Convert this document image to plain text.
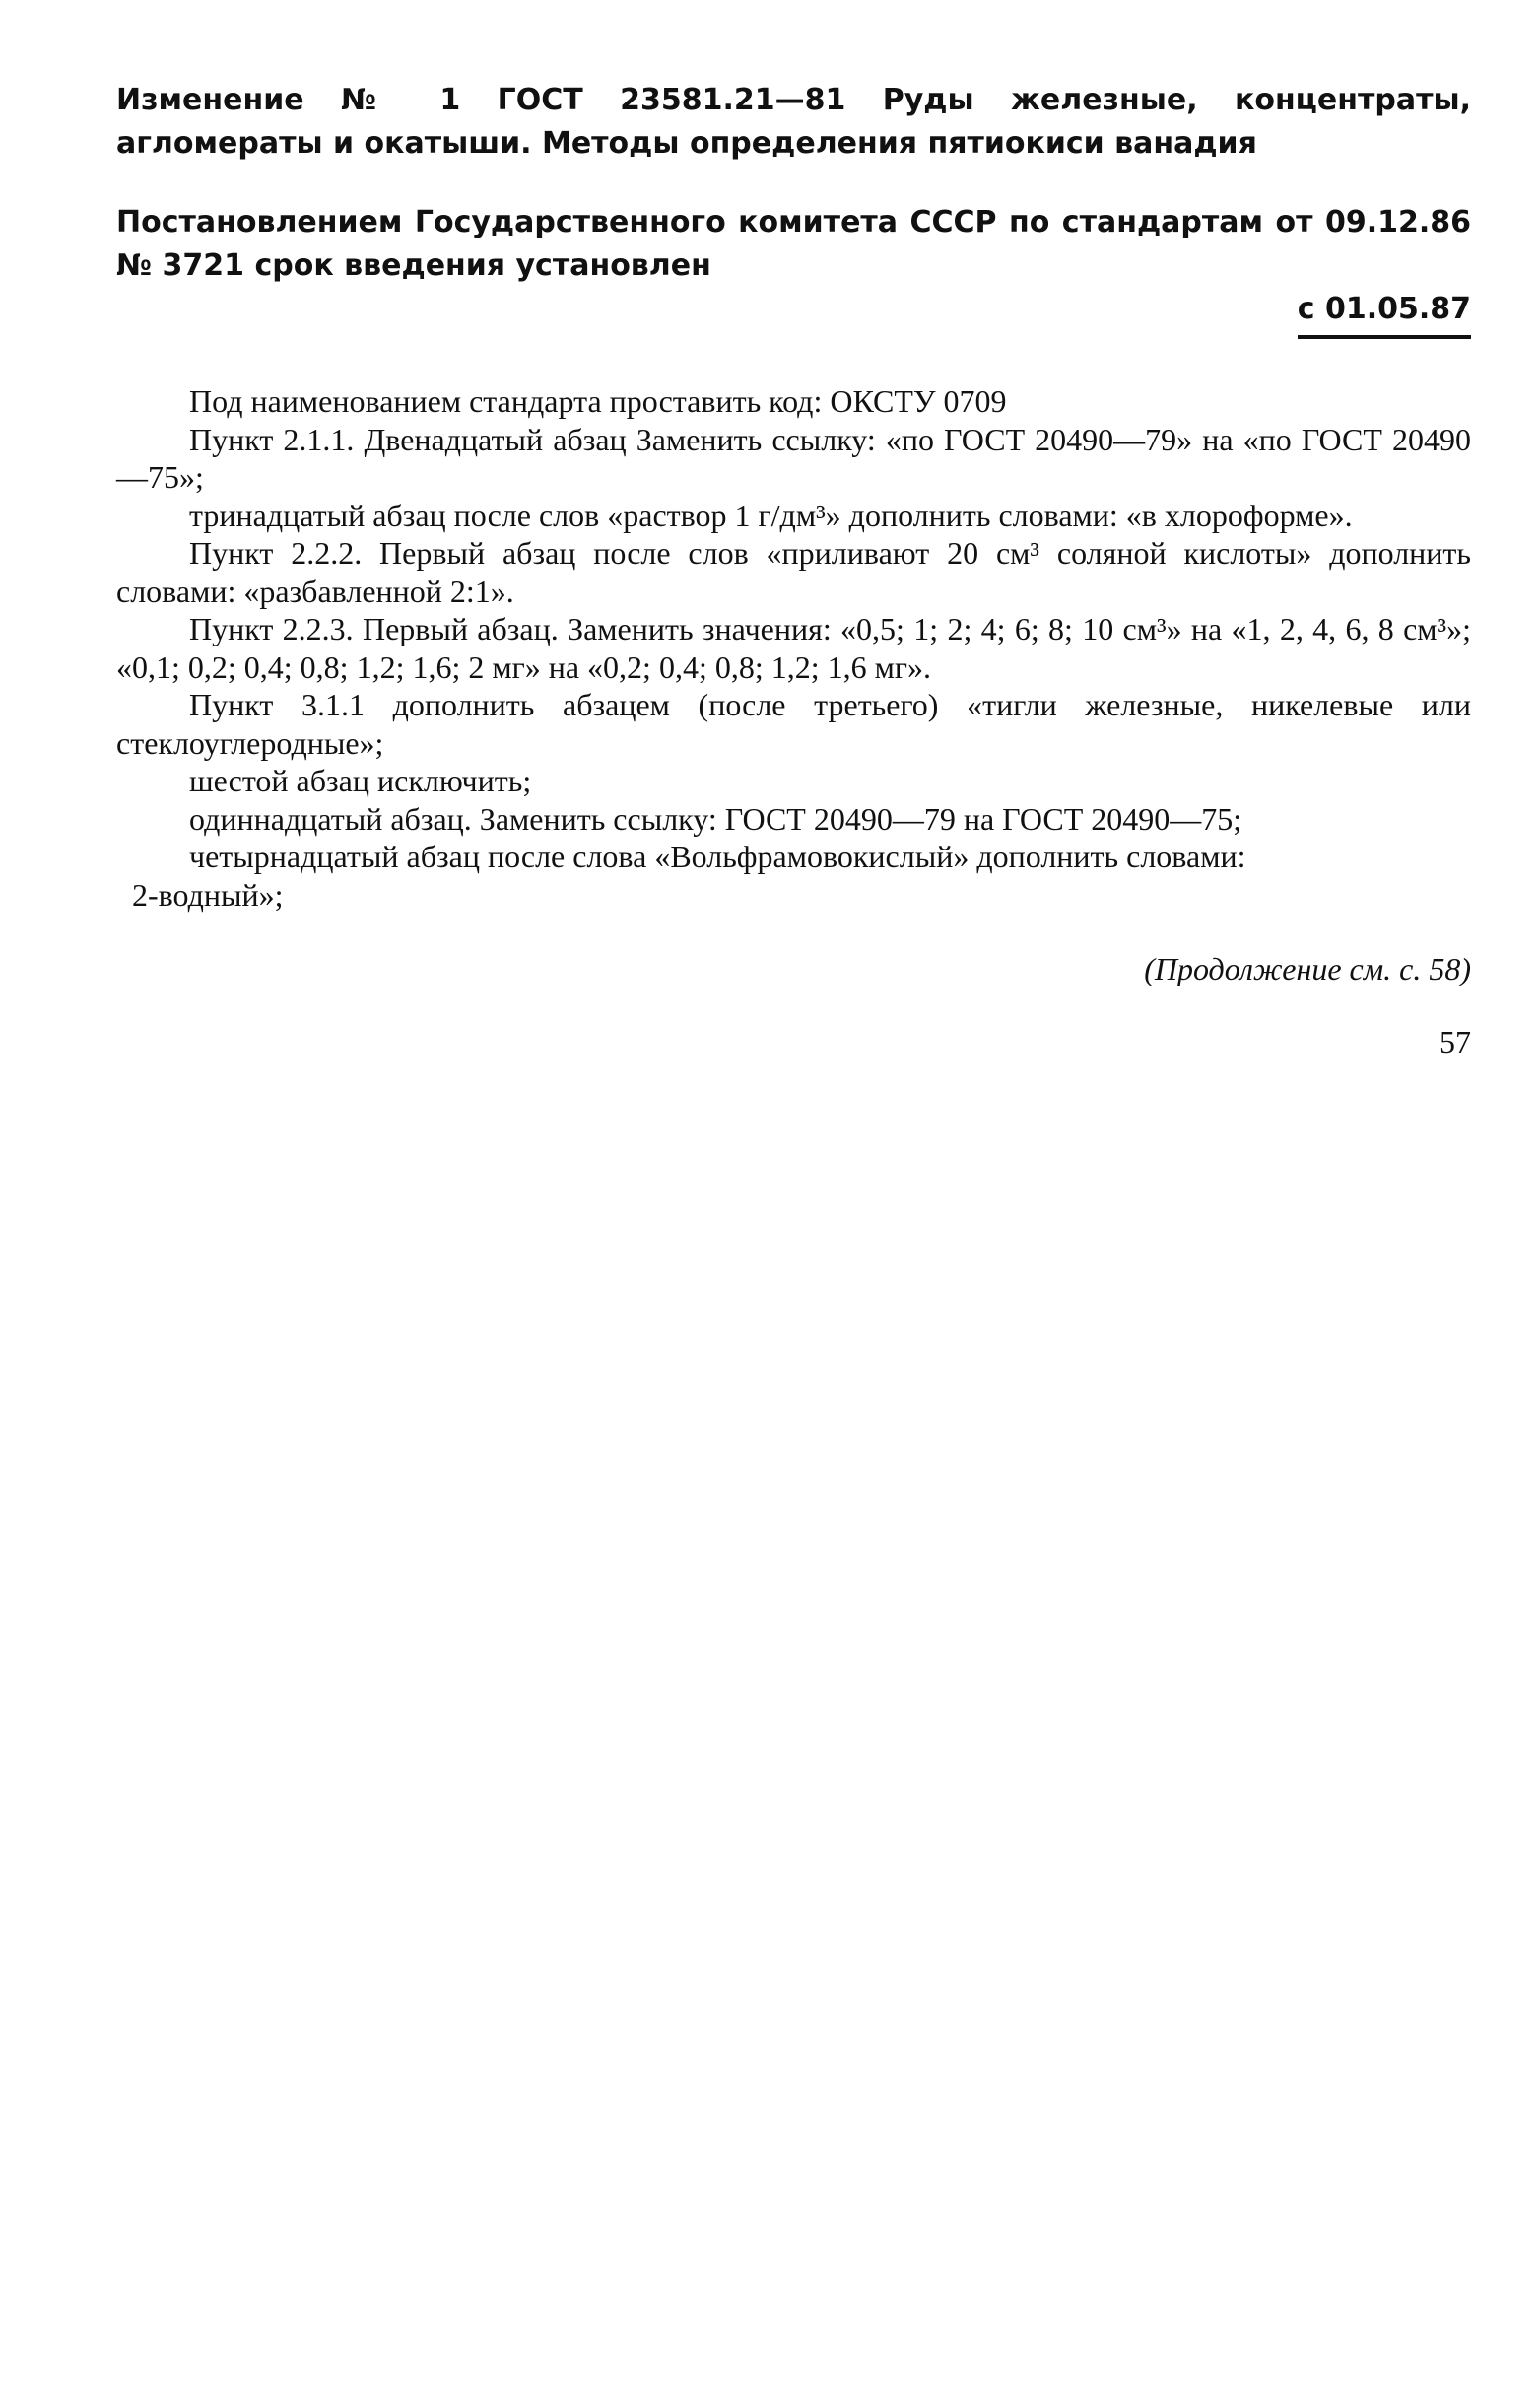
Изменение № 1 ГОСТ 23581.21—81 Руды железные, концентраты, агломераты и окатыши. Методы определения пятиокиси ванадия

Постановлением Государственного комитета СССР по стандартам от 09.12.86 № 3721 срок введения установлен

с 01.05.87

Под наименованием стандарта проставить код: ОКСТУ 0709

Пункт 2.1.1. Двенадцатый абзац Заменить ссылку: «по ГОСТ 20490—79» на «по ГОСТ 20490—75»;

тринадцатый абзац после слов «раствор 1 г/дм³» дополнить словами: «в хлороформе».

Пункт 2.2.2. Первый абзац после слов «приливают 20 см³ соляной кислоты» дополнить словами: «разбавленной 2:1».

Пункт 2.2.3. Первый абзац. Заменить значения: «0,5; 1; 2; 4; 6; 8; 10 см³» на «1, 2, 4, 6, 8 см³»; «0,1; 0,2; 0,4; 0,8; 1,2; 1,6; 2 мг» на «0,2; 0,4; 0,8; 1,2; 1,6 мг».

Пункт 3.1.1 дополнить абзацем (после третьего) «тигли железные, никелевые или стеклоуглеродные»;

шестой абзац исключить;

одиннадцатый абзац. Заменить ссылку: ГОСТ 20490—79 на ГОСТ 20490—75;

четырнадцатый абзац после слова «Вольфрамовокислый» дополнить словами:

2-водный»;

(Продолжение см. с. 58)
57
